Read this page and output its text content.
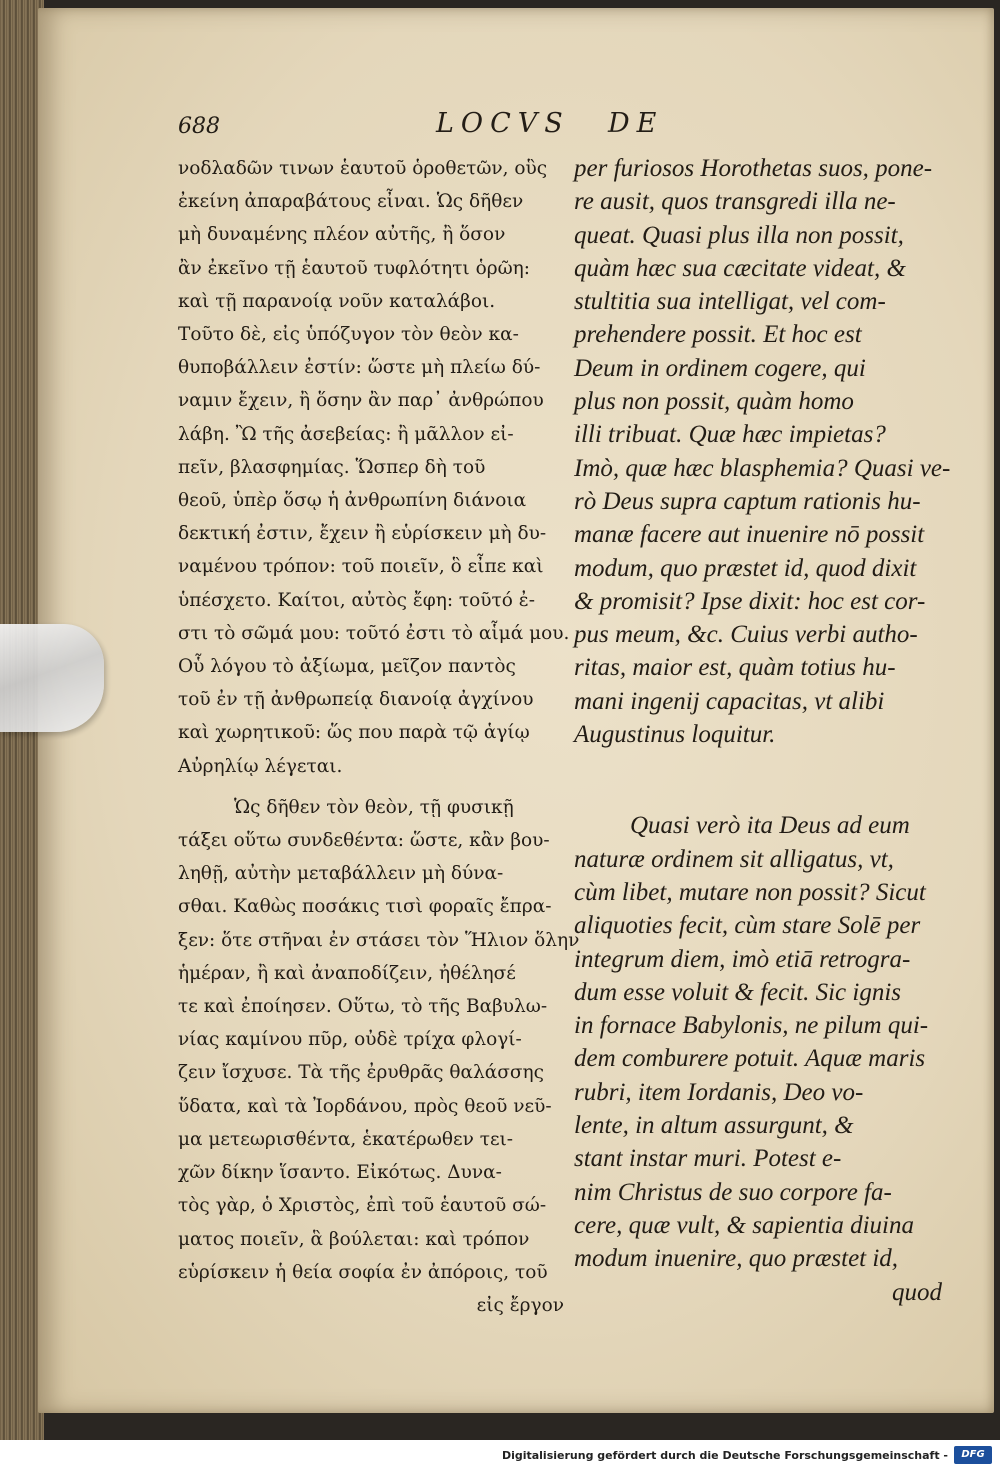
688	LOCVS DE
νοδλαδῶν τινων ἑαυτοῦ ὁροθετῶν, οὓς
ἐκείνη ἀπαραβάτους εἶναι. Ὡς δῆθεν
μὴ δυναμένης πλέον αὐτῆς, ἢ ὅσον
ἂν ἐκεῖνο τῇ ἑαυτοῦ τυφλότητι ὁρῶη:
καὶ τῇ παρανοίᾳ νοῦν καταλάβοι.
Τοῦτο δὲ, εἰς ὑπόζυγον τὸν θεὸν κα-
θυποβάλλειν ἐστίν: ὥστε μὴ πλείω δύ-
ναμιν ἔχειν, ἢ ὅσην ἂν παρ᾽ ἀνθρώπου
λάβη. Ὢ τῆς ἀσεβείας: ἢ μᾶλλον εἰ-
πεῖν, βλασφημίας. Ὥσπερ δὴ τοῦ
θεοῦ, ὑπὲρ ὅσῳ ἡ ἀνθρωπίνη διάνοια
δεκτική ἐστιν, ἔχειν ἢ εὑρίσκειν μὴ δυ-
ναμένου τρόπον: τοῦ ποιεῖν, ὃ εἶπε καὶ
ὑπέσχετο. Καίτοι, αὐτὸς ἔφη: τοῦτό ἐ-
στι τὸ σῶμά μου: τοῦτό ἐστι τὸ αἷμά μου.
Οὗ λόγου τὸ ἀξίωμα, μεῖζον παντὸς
τοῦ ἐν τῇ ἀνθρωπείᾳ διανοίᾳ ἀγχίνου
καὶ χωρητικοῦ: ὥς που παρὰ τῷ ἁγίῳ
Αὐρηλίῳ λέγεται.
Ὡς δῆθεν τὸν θεὸν, τῇ φυσικῇ
τάξει οὕτω συνδεθέντα: ὥστε, κἂν βου-
ληθῇ, αὐτὴν μεταβάλλειν μὴ δύνα-
σθαι. Καθὼς ποσάκις τισὶ φοραῖς ἔπρα-
ξεν: ὅτε στῆναι ἐν στάσει τὸν Ἥλιον ὅλην
ἡμέραν, ἢ καὶ ἀναποδίζειν, ἠθέλησέ
τε καὶ ἐποίησεν. Οὕτω, τὸ τῆς Βαβυλω-
νίας καμίνου πῦρ, οὐδὲ τρίχα φλογί-
ζειν ἴσχυσε. Τὰ τῆς ἐρυθρᾶς θαλάσσης
ὕδατα, καὶ τὰ Ἰορδάνου, πρὸς θεοῦ νεῦ-
μα μετεωρισθέντα, ἑκατέρωθεν τει-
χῶν δίκην ἵσαντο. Εἰκότως. Δυνα-
τὸς γὰρ, ὁ Χριστὸς, ἐπὶ τοῦ ἑαυτοῦ σώ-
ματος ποιεῖν, ἃ βούλεται: καὶ τρόπον
εὑρίσκειν ἡ θεία σοφία ἐν ἀπόροις, τοῦ
εἰς ἔργον
per furiosos Horothetas suos, pone-
re ausit, quos transgredi illa ne-
queat. Quasi plus illa non possit,
quàm hæc sua cæcitate videat, &
stultitia sua intelligat, vel com-
prehendere possit. Et hoc est
Deum in ordinem cogere, qui
plus non possit, quàm homo
illi tribuat. Quæ hæc impietas?
Imò, quæ hæc blasphemia? Quasi ve-
rò Deus supra captum rationis hu-
manæ facere aut inuenire nō possit
modum, quo præstet id, quod dixit
& promisit? Ipse dixit: hoc est cor-
pus meum, &c. Cuius verbi autho-
ritas, maior est, quàm totius hu-
mani ingenij capacitas, vt alibi
Augustinus loquitur.
Quasi verò ita Deus ad eum
naturæ ordinem sit alligatus, vt,
cùm libet, mutare non possit? Sicut
aliquoties fecit, cùm stare Solē per
integrum diem, imò etiā retrogra-
dum esse voluit & fecit. Sic ignis
in fornace Babylonis, ne pilum qui-
dem comburere potuit. Aquæ maris
rubri, item Iordanis, Deo vo-
lente, in altum assurgunt, &
stant instar muri. Potest e-
nim Christus de suo corpore fa-
cere, quæ vult, & sapientia diuina
modum inuenire, quo præstet id,
quod
Digitalisierung gefördert durch die Deutsche Forschungsgemeinschaft -	DFG
